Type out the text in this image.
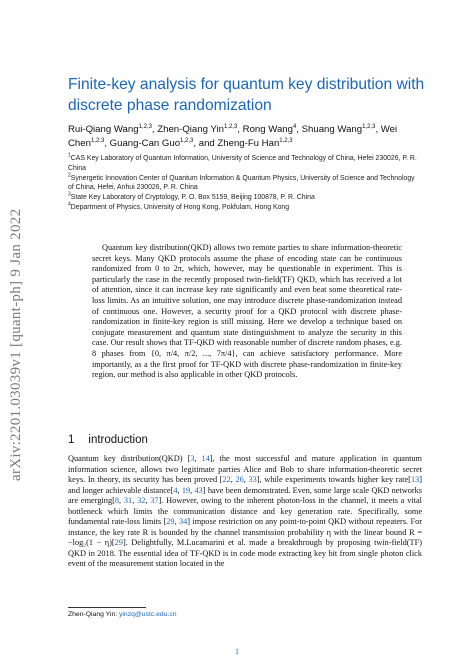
arXiv:2201.03039v1 [quant-ph] 9 Jan 2022
Finite-key analysis for quantum key distribution with discrete phase randomization
Rui-Qiang Wang$^{1,2,3}$, Zhen-Qiang Yin$^{1,2,3}$, Rong Wang$^4$, Shuang Wang$^{1,2,3}$, Wei Chen$^{1,2,3}$, Guang-Can Guo$^{1,2,3}$, and Zheng-Fu Han$^{1,2,3}$
$^1$CAS Key Laboratory of Quantum Information, University of Science and Technology of China, Hefei 230026, P. R. China
$^2$Synergetic Innovation Center of Quantum Information & Quantum Physics, University of Science and Technology of China, Hefei, Anhui 230026, P. R. China
$^3$State Key Laboratory of Cryptology, P. O. Box 5159, Beijing 100878, P. R. China
$^4$Department of Physics, University of Hong Kong, Pokfulam, Hong Kong
Quantum key distribution(QKD) allows two remote parties to share information-theoretic secret keys. Many QKD protocols assume the phase of encoding state can be continuous randomized from 0 to 2π, which, however, may be questionable in experiment. This is particularly the case in the recently proposed twin-field(TF) QKD, which has received a lot of attention, since it can increase key rate significantly and even beat some theoretical rate-loss limits. As an intuitive solution, one may introduce discrete phase-randomization instead of continuous one. However, a security proof for a QKD protocol with discrete phase-randomization in finite-key region is still missing. Here we develop a technique based on conjugate measurement and quantum state distinguishment to analyze the security in this case. Our result shows that TF-QKD with reasonable number of discrete random phases, e.g. 8 phases from {0, π/4, π/2, ..., 7π/4}, can achieve satisfactory performance. More importantly, as a the first proof for TF-QKD with discrete phase-randomization in finite-key region, our method is also applicable in other QKD protocols.
1 introduction
Quantum key distribution(QKD) [3, 14], the most successful and mature application in quantum information science, allows two legitimate parties Alice and Bob to share information-theoretic secret keys. In theory, its security has been proved [22, 26, 33], while experiments towards higher key rate[13] and longer achievable distance[4, 19, 43] have been demonstrated. Even, some large scale QKD networks are emerging[8, 31, 32, 37]. However, owing to the inherent photon-loss in the channel, it meets a vital bottleneck which limits the communication distance and key generation rate. Specifically, some fundamental rate-loss limits [29, 34] impose restriction on any point-to-point QKD without repeaters. For instance, the key rate R is bounded by the channel transmission probability η with the linear bound R = −log₂(1 − η)[29]. Delightfully, M.Lucamarini et al. made a breakthrough by proposing twin-field(TF) QKD in 2018. The essential idea of TF-QKD is in code mode extracting key bit from single photon click event of the measurement station located in the
Zhen-Qiang Yin: yinzq@ustc.edu.cn
1
